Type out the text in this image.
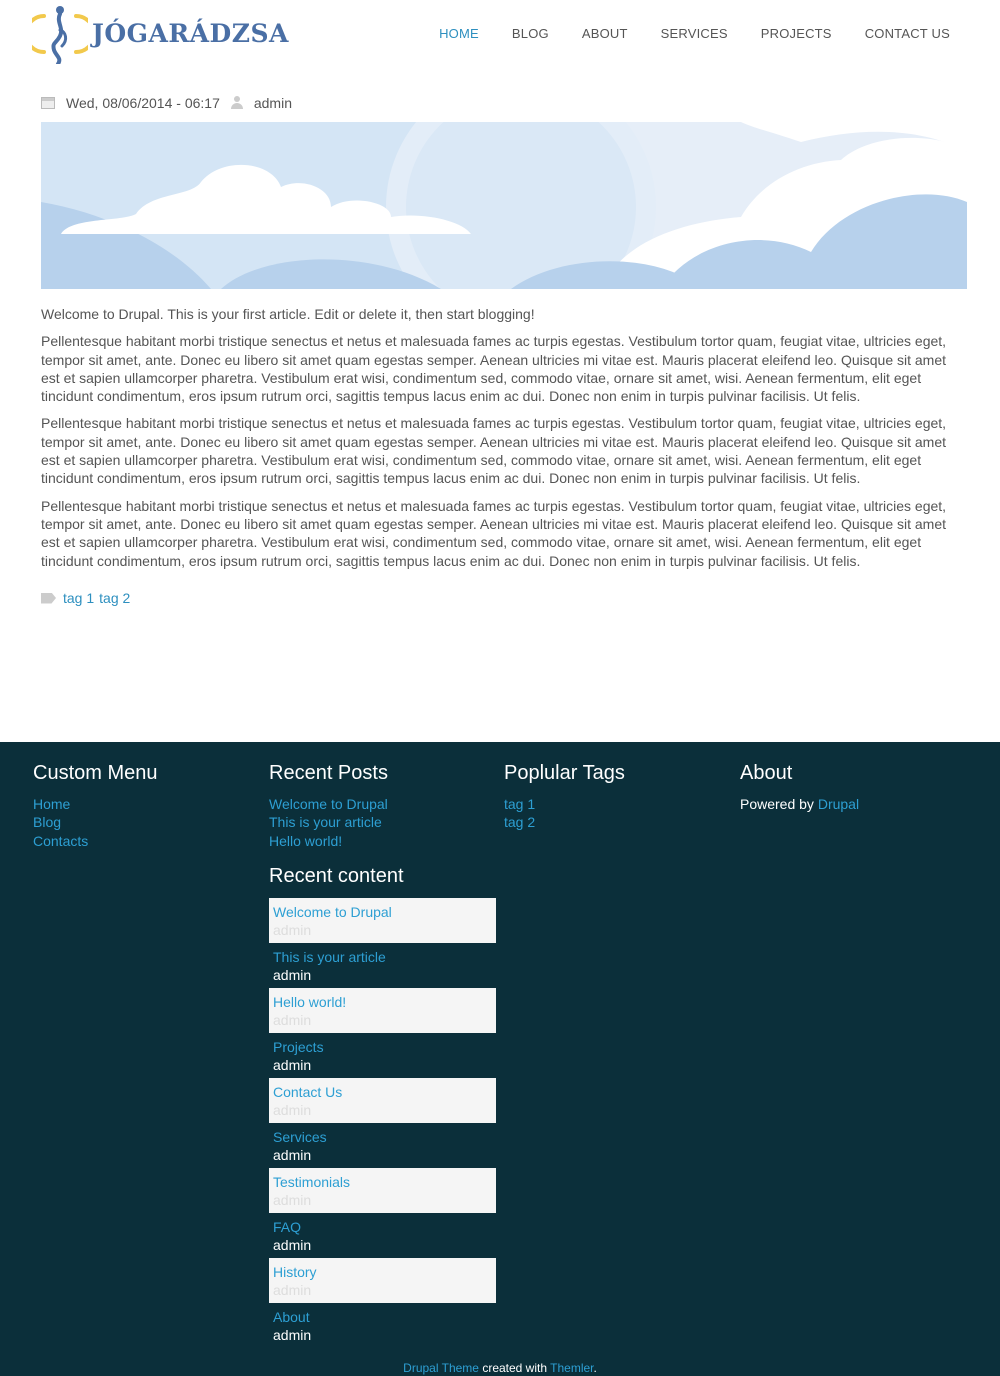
JÓGARÁDZSA	HOME	BLOG	ABOUT	SERVICES	PROJECTS	CONTACT US
Wed, 08/06/2014 - 06:17 admin

Welcome to Drupal. This is your first article. Edit or delete it, then start blogging!

Pellentesque habitant morbi tristique senectus et netus et malesuada fames ac turpis egestas. Vestibulum tortor quam, feugiat vitae, ultricies eget, tempor sit amet, ante. Donec eu libero sit amet quam egestas semper. Aenean ultricies mi vitae est. Mauris placerat eleifend leo. Quisque sit amet est et sapien ullamcorper pharetra. Vestibulum erat wisi, condimentum sed, commodo vitae, ornare sit amet, wisi. Aenean fermentum, elit eget tincidunt condimentum, eros ipsum rutrum orci, sagittis tempus lacus enim ac dui. Donec non enim in turpis pulvinar facilisis. Ut felis.

Pellentesque habitant morbi tristique senectus et netus et malesuada fames ac turpis egestas. Vestibulum tortor quam, feugiat vitae, ultricies eget, tempor sit amet, ante. Donec eu libero sit amet quam egestas semper. Aenean ultricies mi vitae est. Mauris placerat eleifend leo. Quisque sit amet est et sapien ullamcorper pharetra. Vestibulum erat wisi, condimentum sed, commodo vitae, ornare sit amet, wisi. Aenean fermentum, elit eget tincidunt condimentum, eros ipsum rutrum orci, sagittis tempus lacus enim ac dui. Donec non enim in turpis pulvinar facilisis. Ut felis.

Pellentesque habitant morbi tristique senectus et netus et malesuada fames ac turpis egestas. Vestibulum tortor quam, feugiat vitae, ultricies eget, tempor sit amet, ante. Donec eu libero sit amet quam egestas semper. Aenean ultricies mi vitae est. Mauris placerat eleifend leo. Quisque sit amet est et sapien ullamcorper pharetra. Vestibulum erat wisi, condimentum sed, commodo vitae, ornare sit amet, wisi. Aenean fermentum, elit eget tincidunt condimentum, eros ipsum rutrum orci, sagittis tempus lacus enim ac dui. Donec non enim in turpis pulvinar facilisis. Ut felis.

tag 1 tag 2
Custom Menu
Home
Blog
Contacts
Recent Posts
Welcome to Drupal
This is your article
Hello world!
Recent content
Welcome to Drupal
admin
This is your article
admin
Hello world!
admin
Projects
admin
Contact Us
admin
Services
admin
Testimonials
admin
FAQ
admin
History
admin
About
admin
Poplular Tags
tag 1
tag 2
About

Powered by Drupal

Drupal Theme created with Themler.
